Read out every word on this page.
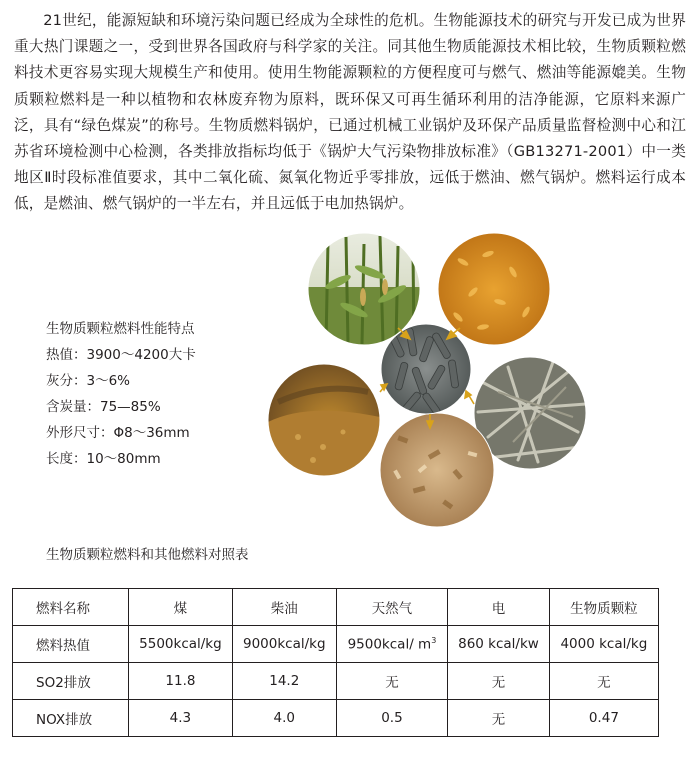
21世纪，能源短缺和环境污染问题已经成为全球性的危机。生物能源技术的研究与开发已成为世界重大热门课题之一，受到世界各国政府与科学家的关注。同其他生物质能源技术相比较，生物质颗粒燃料技术更容易实现大规模生产和使用。使用生物能源颗粒的方便程度可与燃气、燃油等能源媲美。生物质颗粒燃料是一种以植物和农林废弃物为原料，既环保又可再生循环利用的洁净能源，它原料来源广泛，具有“绿色煤炭”的称号。生物质燃料锅炉，已通过机械工业锅炉及环保产品质量监督检测中心和江苏省环境检测中心检测，各类排放指标均低于《锅炉大气污染物排放标准》（GB13271-2001）中一类地区Ⅱ时段标准值要求，其中二氧化硫、氮氧化物近乎零排放，远低于燃油、燃气锅炉。燃料运行成本低，是燃油、燃气锅炉的一半左右，并且远低于电加热锅炉。

生物质颗粒燃料性能特点
热值：3900～4200大卡
灰分：3～6%
含炭量：75—85%
外形尺寸：Φ8～36mm
长度：10～80mm
生物质颗粒燃料和其他燃料对照表
燃料名称	煤	柴油	天然气	电	生物质颗粒
燃料热值	5500kcal/kg	9000kcal/kg	9500kcal/ $m^3$	860 kcal/kw	4000 kcal/kg
SO2排放	11.8	14.2	无	无	无
NOX排放	4.3	4.0	0.5	无	0.47
